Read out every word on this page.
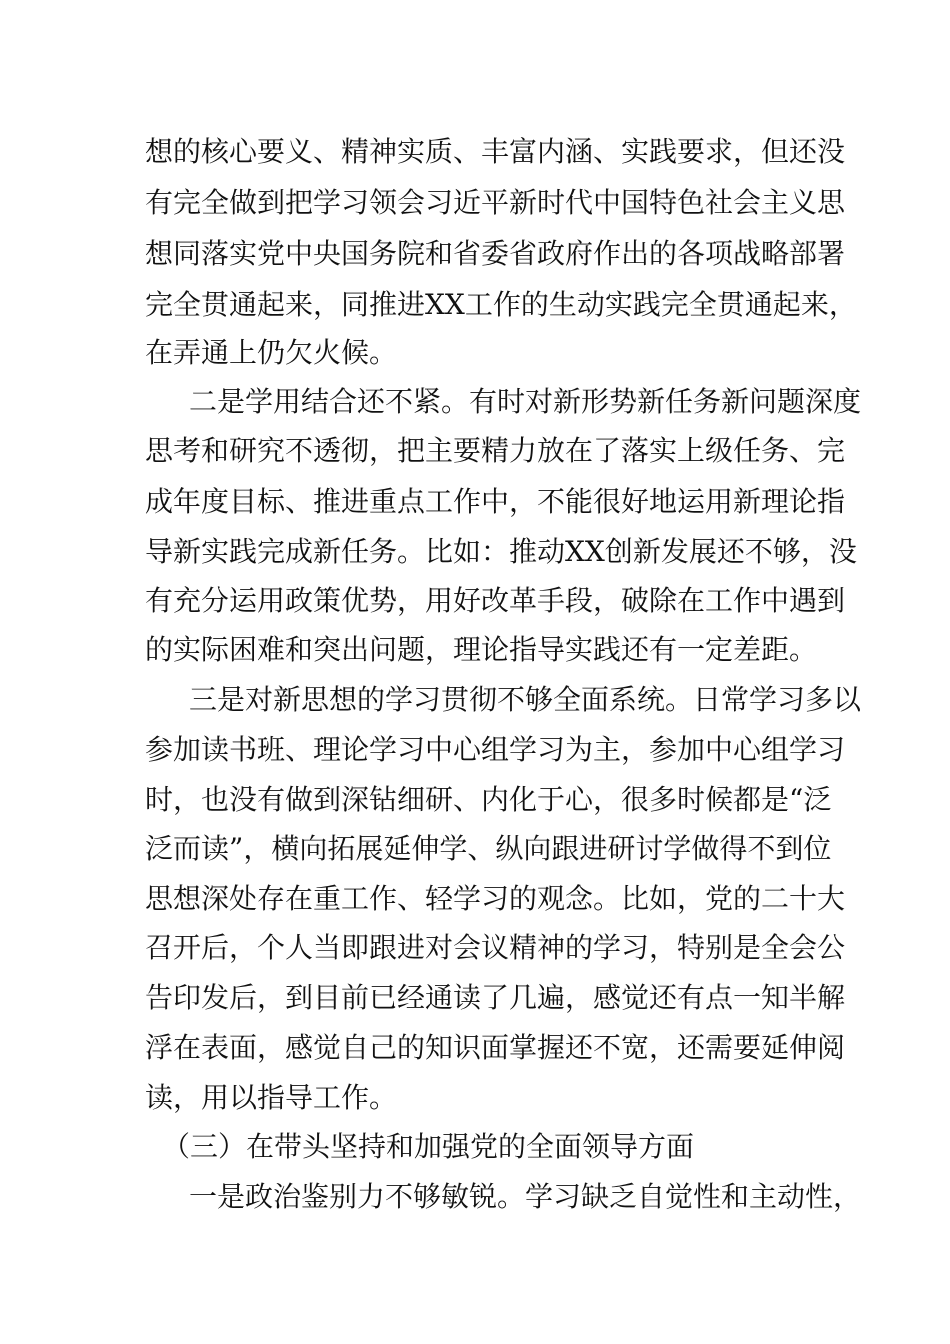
想的核心要义、精神实质、丰富内涵、实践要求，但还没

有完全做到把学习领会习近平新时代中国特色社会主义思

想同落实党中央国务院和省委省政府作出的各项战略部署

完全贯通起来，同推进XX工作的生动实践完全贯通起来，

在弄通上仍欠火候。

二是学用结合还不紧。有时对新形势新任务新问题深度

思考和研究不透彻，把主要精力放在了落实上级任务、完

成年度目标、推进重点工作中，不能很好地运用新理论指

导新实践完成新任务。比如：推动XX创新发展还不够，没

有充分运用政策优势，用好改革手段，破除在工作中遇到

的实际困难和突出问题，理论指导实践还有一定差距。

三是对新思想的学习贯彻不够全面系统。日常学习多以

参加读书班、理论学习中心组学习为主，参加中心组学习

时，也没有做到深钻细研、内化于心，很多时候都是“泛

泛而读”，横向拓展延伸学、纵向跟进研讨学做得不到位

思想深处存在重工作、轻学习的观念。比如，党的二十大

召开后，个人当即跟进对会议精神的学习，特别是全会公

告印发后，到目前已经通读了几遍，感觉还有点一知半解

浮在表面，感觉自己的知识面掌握还不宽，还需要延伸阅

读，用以指导工作。

（三）在带头坚持和加强党的全面领导方面

一是政治鉴别力不够敏锐。学习缺乏自觉性和主动性，
